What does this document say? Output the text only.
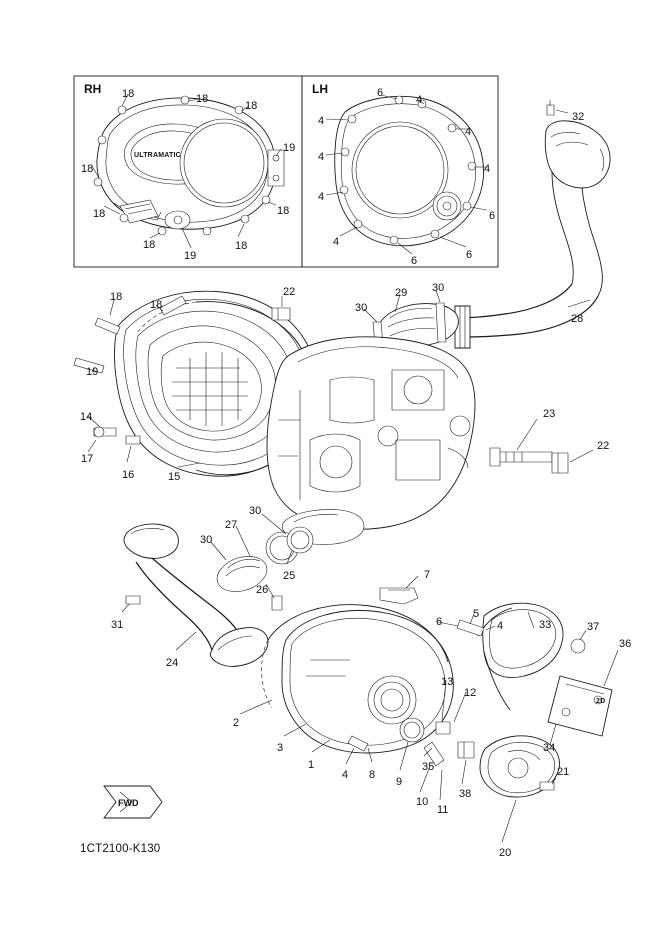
RH	LH
ULTRAMATIC
2D
FWD
1CT2100-K130
18	18
18
19
18
18	18
18
19
18
6
4
4
4
4
4
4
6
4
6	6
32
28
29 30
30
22
18
18
19
14
17
16	15
23
22
30
27
30
25
26
31
24
7
6
5
4	33	37
36
13
12
34
2
3
1
4 8
9
35
10
11
38
21
20
